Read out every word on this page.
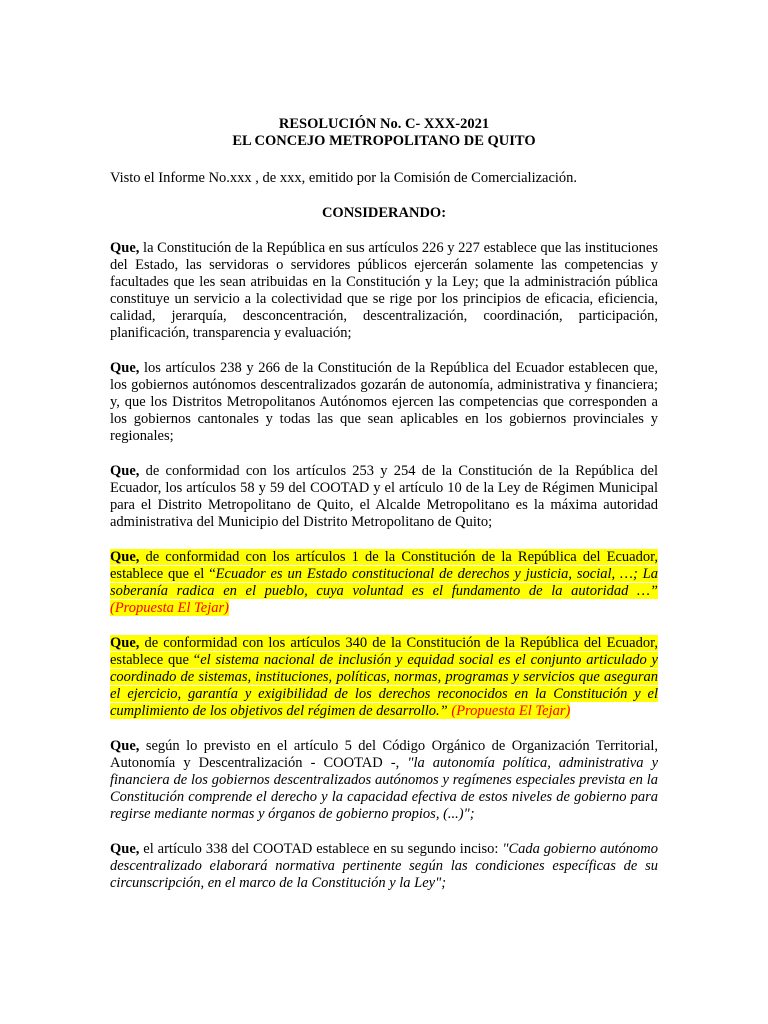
RESOLUCIÓN No. C- XXX-2021
EL CONCEJO METROPOLITANO DE QUITO
Visto el Informe No.xxx , de xxx, emitido por la Comisión de Comercialización.
CONSIDERANDO:
Que, la Constitución de la República en sus artículos 226 y 227 establece que las instituciones del Estado, las servidoras o servidores públicos ejercerán solamente las competencias y facultades que les sean atribuidas en la Constitución y la Ley; que la administración pública constituye un servicio a la colectividad que se rige por los principios de eficacia, eficiencia, calidad, jerarquía, desconcentración, descentralización, coordinación, participación, planificación, transparencia y evaluación;
Que, los artículos 238 y 266 de la Constitución de la República del Ecuador establecen que, los gobiernos autónomos descentralizados gozarán de autonomía, administrativa y financiera; y, que los Distritos Metropolitanos Autónomos ejercen las competencias que corresponden a los gobiernos cantonales y todas las que sean aplicables en los gobiernos provinciales y regionales;
Que, de conformidad con los artículos 253 y 254 de la Constitución de la República del Ecuador, los artículos 58 y 59 del COOTAD y el artículo 10 de la Ley de Régimen Municipal para el Distrito Metropolitano de Quito, el Alcalde Metropolitano es la máxima autoridad administrativa del Municipio del Distrito Metropolitano de Quito;
Que, de conformidad con los artículos 1 de la Constitución de la República del Ecuador, establece que el “Ecuador es un Estado constitucional de derechos y justicia, social, …; La soberanía radica en el pueblo, cuya voluntad es el fundamento de la autoridad …” (Propuesta El Tejar)
Que, de conformidad con los artículos 340 de la Constitución de la República del Ecuador, establece que “el sistema nacional de inclusión y equidad social es el conjunto articulado y coordinado de sistemas, instituciones, políticas, normas, programas y servicios que aseguran el ejercicio, garantía y exigibilidad de los derechos reconocidos en la Constitución y el cumplimiento de los objetivos del régimen de desarrollo.” (Propuesta El Tejar)
Que, según lo previsto en el artículo 5 del Código Orgánico de Organización Territorial, Autonomía y Descentralización - COOTAD -, "la autonomía política, administrativa y financiera de los gobiernos descentralizados autónomos y regímenes especiales prevista en la Constitución comprende el derecho y la capacidad efectiva de estos niveles de gobierno para regirse mediante normas y órganos de gobierno propios, (...)";
Que, el artículo 338 del COOTAD establece en su segundo inciso: "Cada gobierno autónomo descentralizado elaborará normativa pertinente según las condiciones específicas de su circunscripción, en el marco de la Constitución y la Ley";
